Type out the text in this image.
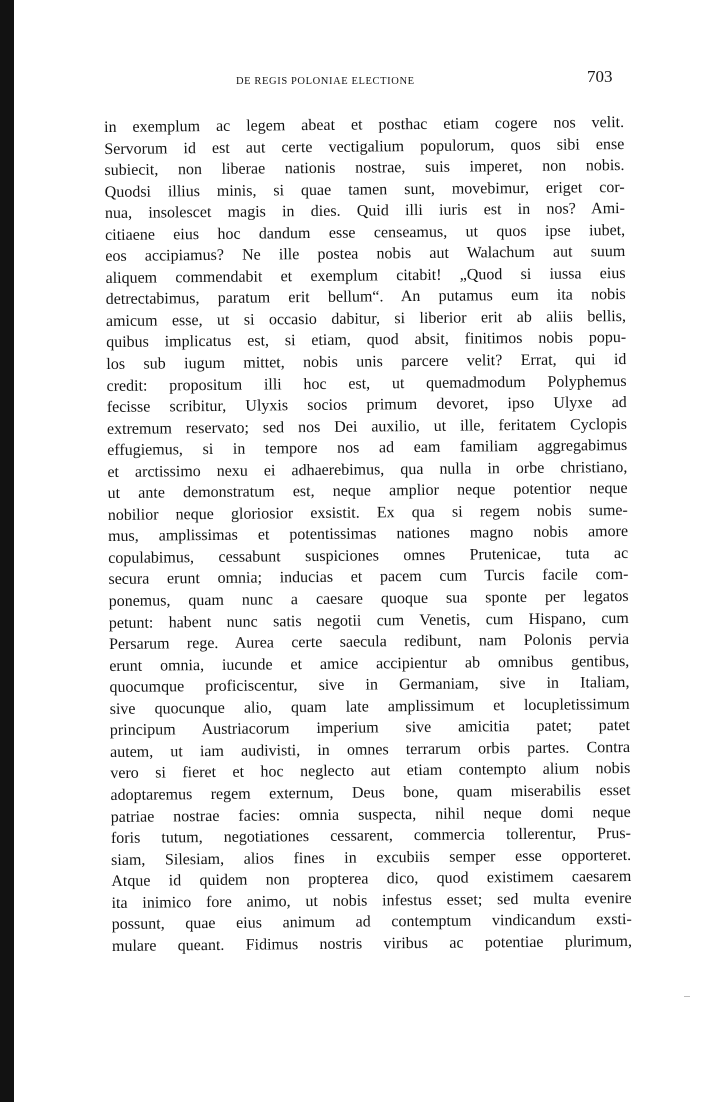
DE REGIS POLONIAE ELECTIONE	703
in exemplum ac legem abeat et posthac etiam cogere nos velit.
Servorum id est aut certe vectigalium populorum, quos sibi ense
subiecit, non liberae nationis nostrae, suis imperet, non nobis.
Quodsi illius minis, si quae tamen sunt, movebimur, eriget cor-
nua, insolescet magis in dies. Quid illi iuris est in nos? Ami-
citiaene eius hoc dandum esse censeamus, ut quos ipse iubet,
eos accipiamus? Ne ille postea nobis aut Walachum aut suum
aliquem commendabit et exemplum citabit! „Quod si iussa eius
detrectabimus, paratum erit bellum“. An putamus eum ita nobis
amicum esse, ut si occasio dabitur, si liberior erit ab aliis bellis,
quibus implicatus est, si etiam, quod absit, finitimos nobis popu-
los sub iugum mittet, nobis unis parcere velit? Errat, qui id
credit: propositum illi hoc est, ut quemadmodum Polyphemus
fecisse scribitur, Ulyxis socios primum devoret, ipso Ulyxe ad
extremum reservato; sed nos Dei auxilio, ut ille, feritatem Cyclopis
effugiemus, si in tempore nos ad eam familiam aggregabimus
et arctissimo nexu ei adhaerebimus, qua nulla in orbe christiano,
ut ante demonstratum est, neque amplior neque potentior neque
nobilior neque gloriosior exsistit. Ex qua si regem nobis sume-
mus, amplissimas et potentissimas nationes magno nobis amore
copulabimus, cessabunt suspiciones omnes Prutenicae, tuta ac
secura erunt omnia; inducias et pacem cum Turcis facile com-
ponemus, quam nunc a caesare quoque sua sponte per legatos
petunt: habent nunc satis negotii cum Venetis, cum Hispano, cum
Persarum rege. Aurea certe saecula redibunt, nam Polonis pervia
erunt omnia, iucunde et amice accipientur ab omnibus gentibus,
quocumque proficiscentur, sive in Germaniam, sive in Italiam,
sive quocunque alio, quam late amplissimum et locupletissimum
principum Austriacorum imperium sive amicitia patet; patet
autem, ut iam audivisti, in omnes terrarum orbis partes. Contra
vero si fieret et hoc neglecto aut etiam contempto alium nobis
adoptaremus regem externum, Deus bone, quam miserabilis esset
patriae nostrae facies: omnia suspecta, nihil neque domi neque
foris tutum, negotiationes cessarent, commercia tollerentur, Prus-
siam, Silesiam, alios fines in excubiis semper esse opporteret.
Atque id quidem non propterea dico, quod existimem caesarem
ita inimico fore animo, ut nobis infestus esset; sed multa evenire
possunt, quae eius animum ad contemptum vindicandum exsti-
mulare queant. Fidimus nostris viribus ac potentiae plurimum,
